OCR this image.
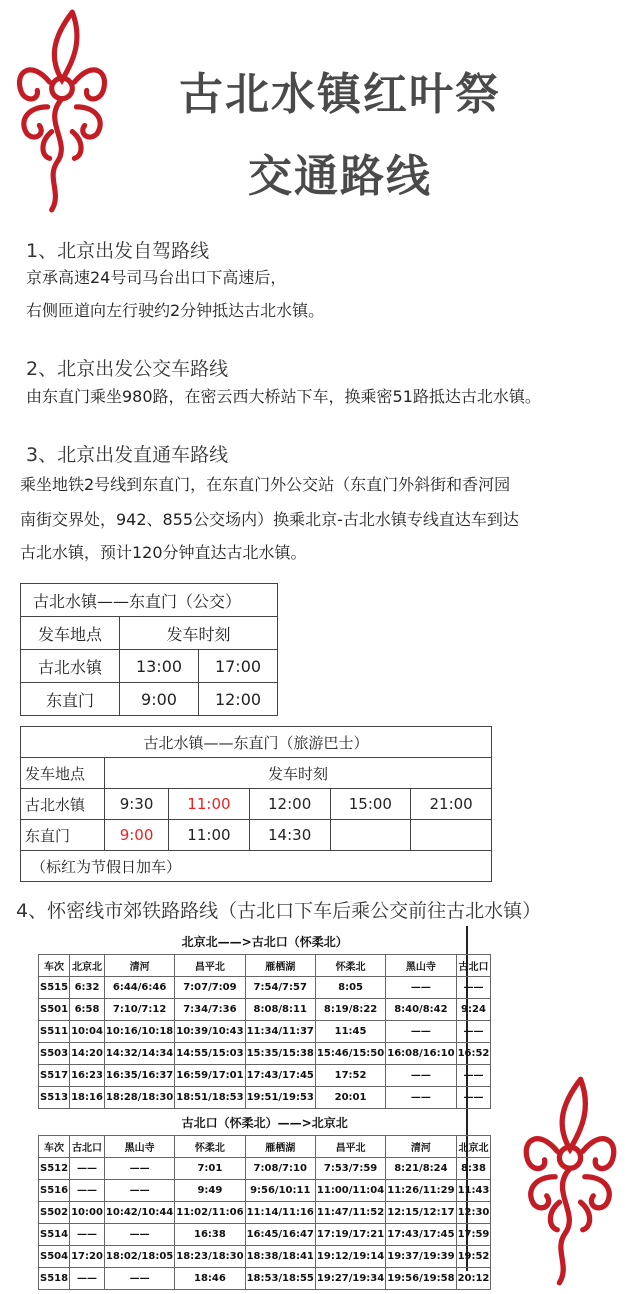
古北水镇红叶祭
交通路线
1、北京出发自驾路线
京承高速24号司马台出口下高速后，
右侧匝道向左行驶约2分钟抵达古北水镇。
2、北京出发公交车路线
由东直门乘坐980路，在密云西大桥站下车，换乘密51路抵达古北水镇。
3、北京出发直通车路线
乘坐地铁2号线到东直门，在东直门外公交站（东直门外斜街和香河园
南街交界处，942、855公交场内）换乘北京-古北水镇专线直达车到达
古北水镇，预计120分钟直达古北水镇。
古北水镇——东直门（公交）		
发车地点	发车时刻	
古北水镇	13:00	17:00
东直门	9:00	12:00
古北水镇——东直门（旅游巴士）					
发车地点	发车时刻				
古北水镇	9:30	11:00	12:00	15:00	21:00
东直门	9:00	11:00	14:30		
（标红为节假日加车）					
4、怀密线市郊铁路路线（古北口下车后乘公交前往古北水镇）
北京北——>古北口（怀柔北）							
车次	北京北	清河	昌平北	雁栖湖	怀柔北	黑山寺	古北口
S515	6:32	6:44/6:46	7:07/7:09	7:54/7:57	8:05	——	——
S501	6:58	7:10/7:12	7:34/7:36	8:08/8:11	8:19/8:22	8:40/8:42	9:24
S511	10:04	10:16/10:18	10:39/10:43	11:34/11:37	11:45	——	——
S503	14:20	14:32/14:34	14:55/15:03	15:35/15:38	15:46/15:50	16:08/16:10	16:52
S517	16:23	16:35/16:37	16:59/17:01	17:43/17:45	17:52	——	——
S513	18:16	18:28/18:30	18:51/18:53	19:51/19:53	20:01	——	——
古北口（怀柔北）——>北京北							
车次	古北口	黑山寺	怀柔北	雁栖湖	昌平北	清河	北京北
S512	——	——	7:01	7:08/7:10	7:53/7:59	8:21/8:24	8:38
S516	——	——	9:49	9:56/10:11	11:00/11:04	11:26/11:29	11:43
S502	10:00	10:42/10:44	11:02/11:06	11:14/11:16	11:47/11:52	12:15/12:17	12:30
S514	——	——	16:38	16:45/16:47	17:19/17:21	17:43/17:45	17:59
S504	17:20	18:02/18:05	18:23/18:30	18:38/18:41	19:12/19:14	19:37/19:39	19:52
S518	——	——	18:46	18:53/18:55	19:27/19:34	19:56/19:58	20:12
